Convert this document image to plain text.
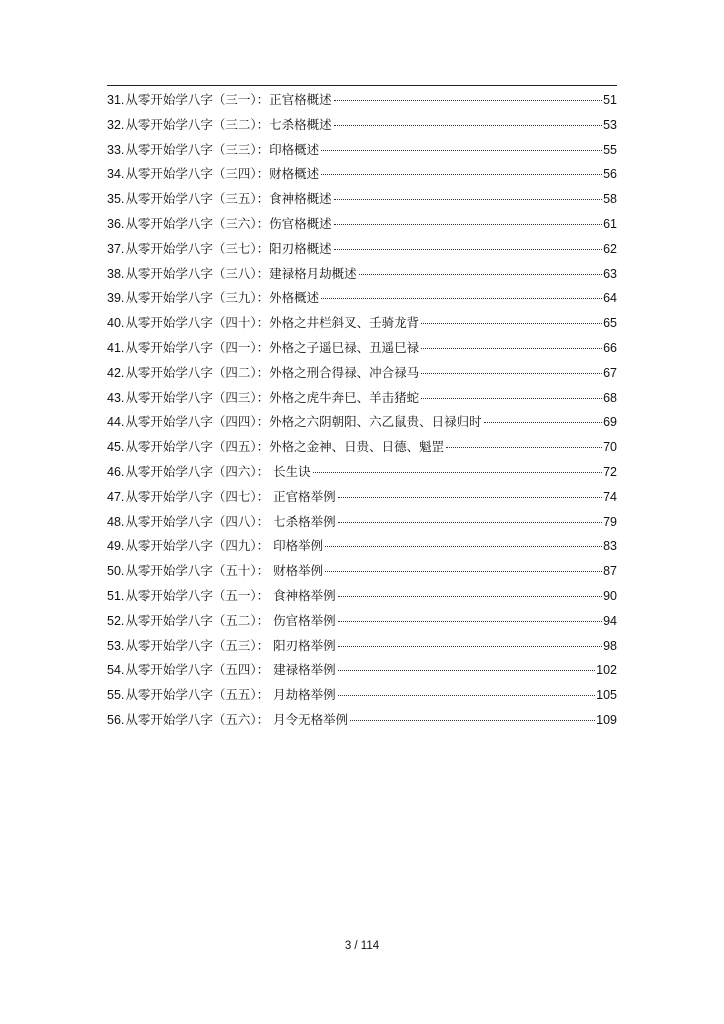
31. 从零开始学八字（三一）：正官格概述	51
32. 从零开始学八字（三二）：七杀格概述	53
33. 从零开始学八字（三三）：印格概述	55
34. 从零开始学八字（三四）：财格概述	56
35. 从零开始学八字（三五）：食神格概述	58
36. 从零开始学八字（三六）：伤官格概述	61
37. 从零开始学八字（三七）：阳刃格概述	62
38. 从零开始学八字（三八）：建禄格月劫概述	63
39. 从零开始学八字（三九）：外格概述	64
40. 从零开始学八字（四十）：外格之井栏斜叉、壬骑龙背	65
41. 从零开始学八字（四一）：外格之子遥巳禄、丑遥巳禄	66
42. 从零开始学八字（四二）：外格之刑合得禄、冲合禄马	67
43. 从零开始学八字（四三）：外格之虎牛奔巳、羊击猪蛇	68
44. 从零开始学八字（四四）：外格之六阴朝阳、六乙鼠贵、日禄归时	69
45. 从零开始学八字（四五）：外格之金神、日贵、日德、魁罡	70
46. 从零开始学八字（四六）： 长生诀	72
47. 从零开始学八字（四七）： 正官格举例	74
48. 从零开始学八字（四八）： 七杀格举例	79
49. 从零开始学八字（四九）： 印格举例	83
50. 从零开始学八字（五十）： 财格举例	87
51. 从零开始学八字（五一）： 食神格举例	90
52. 从零开始学八字（五二）： 伤官格举例	94
53. 从零开始学八字（五三）： 阳刃格举例	98
54. 从零开始学八字（五四）： 建禄格举例	102
55. 从零开始学八字（五五）： 月劫格举例	105
56. 从零开始学八字（五六）： 月令无格举例	109
3 / 114
